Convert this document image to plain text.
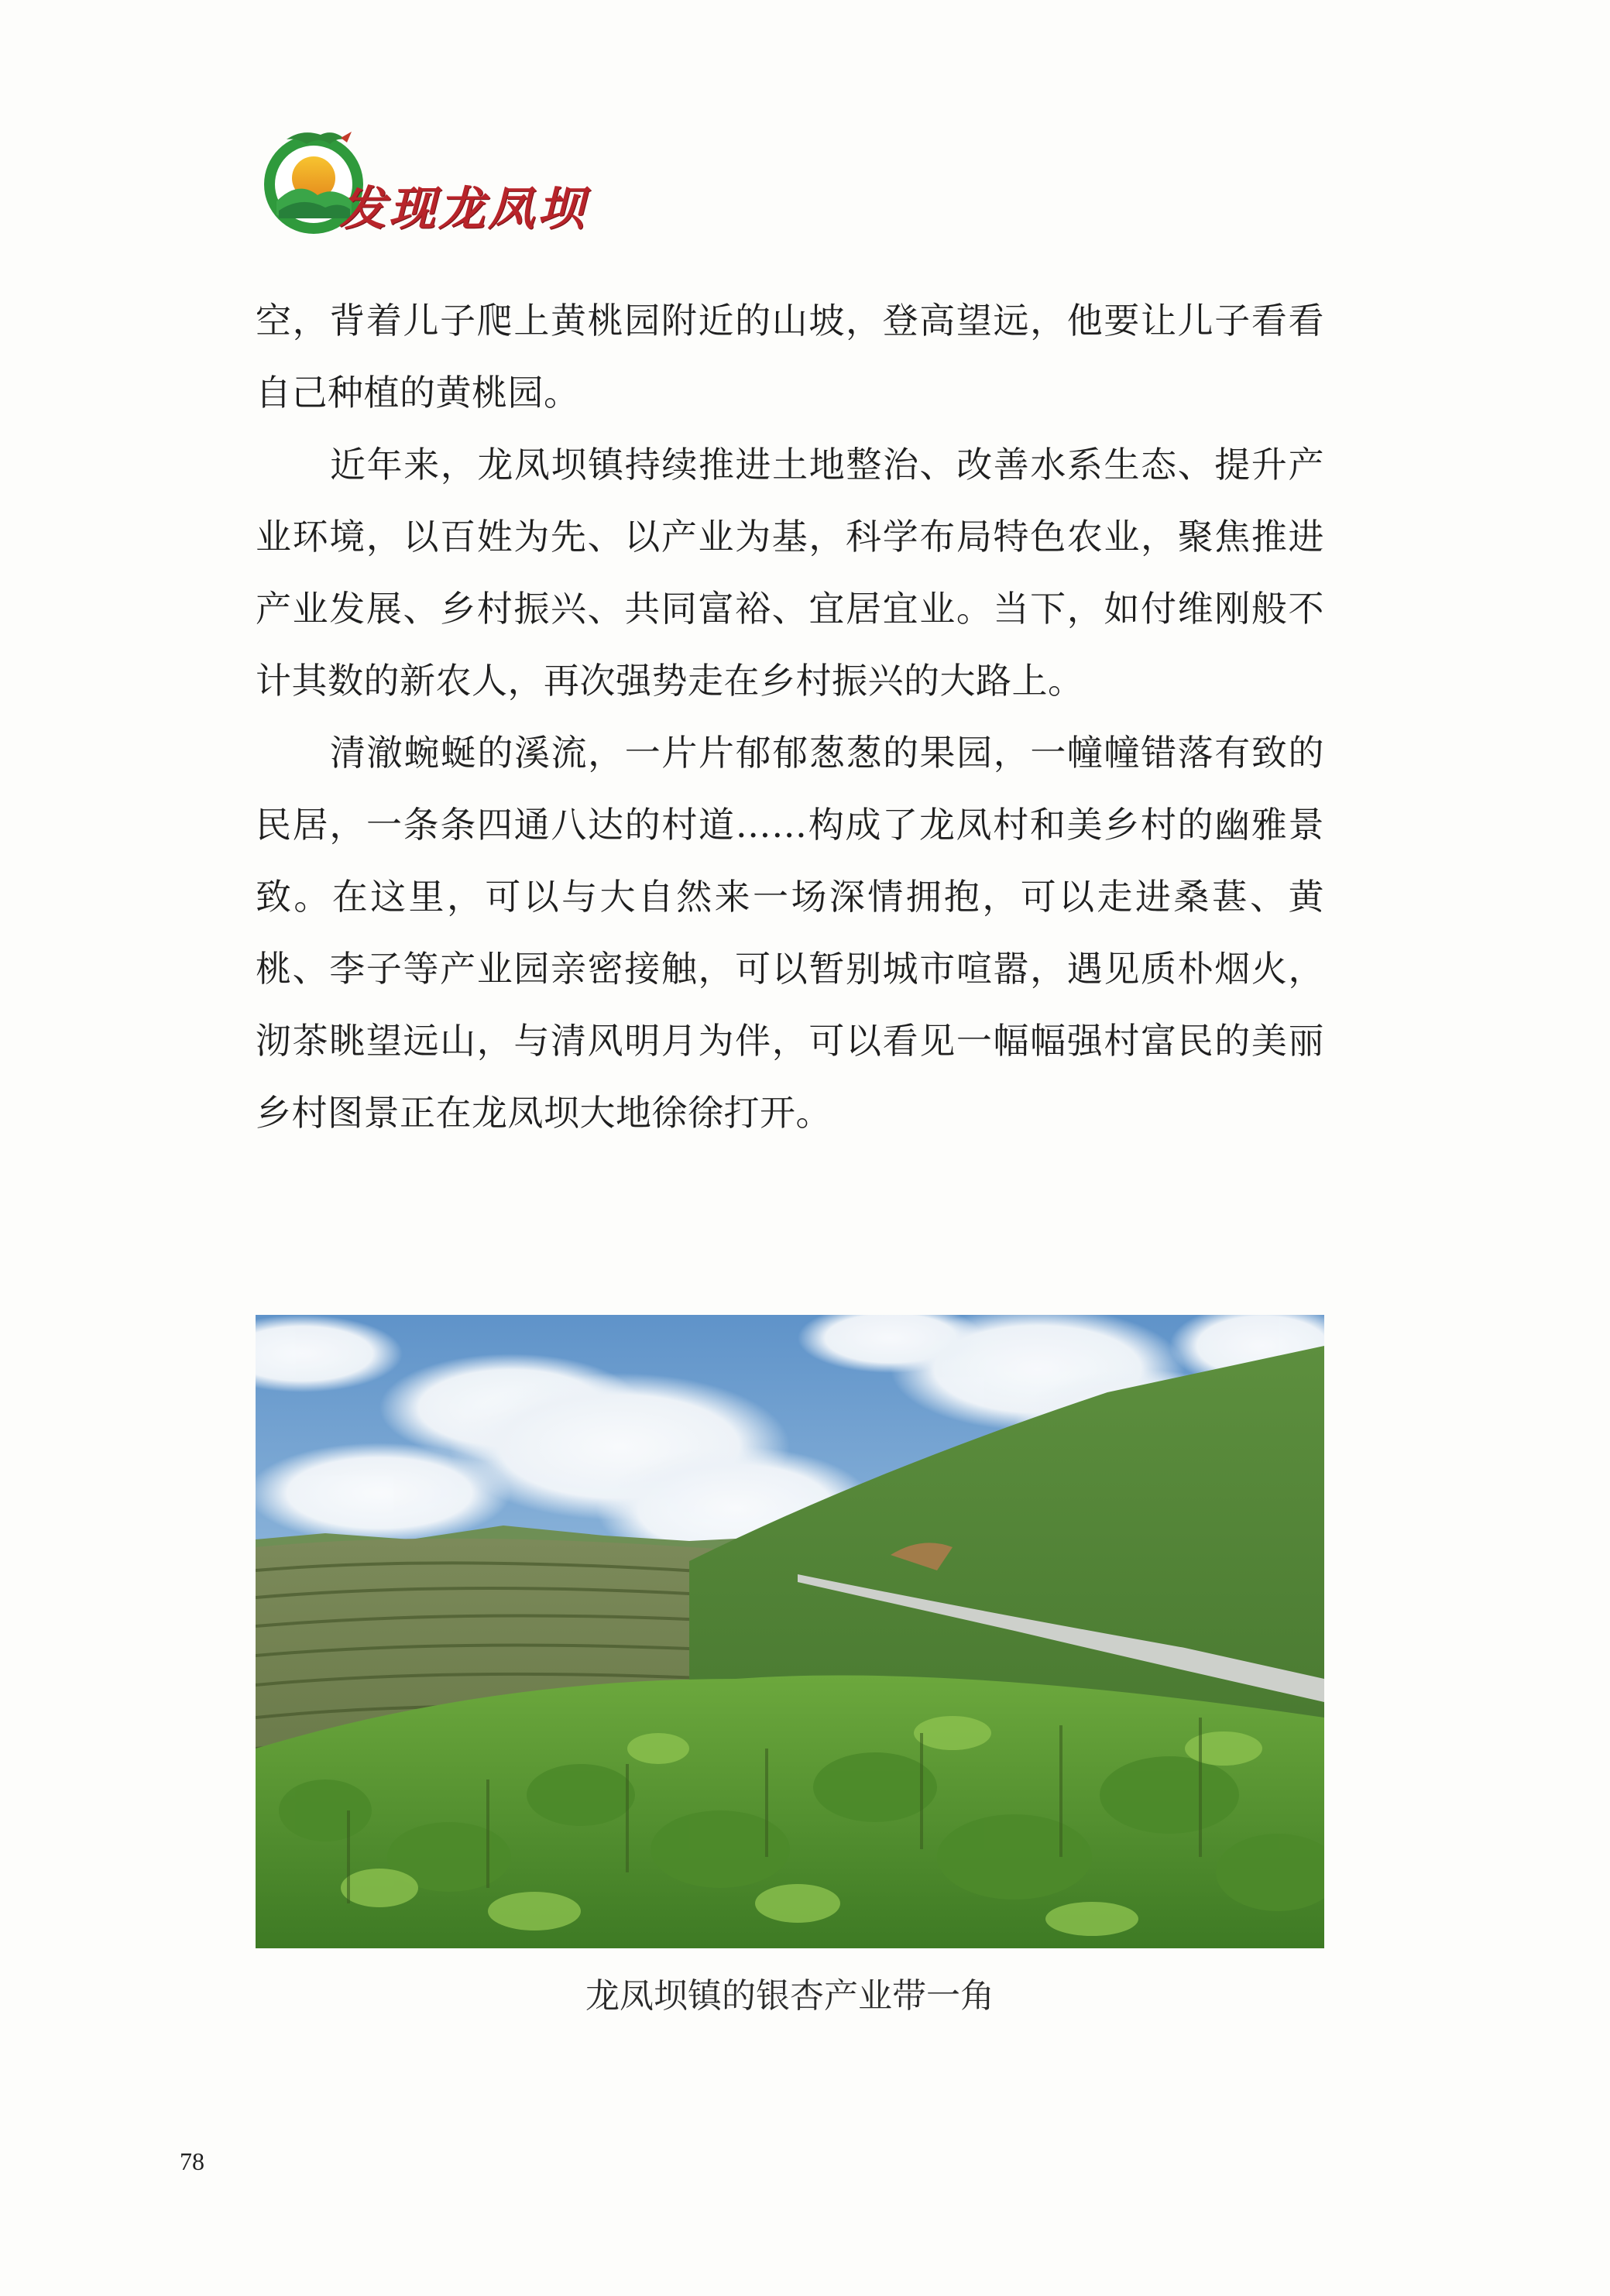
发现龙凤坝

空，背着儿子爬上黄桃园附近的山坡，登高望远，他要让儿子看看自己种植的黄桃园。

近年来，龙凤坝镇持续推进土地整治、改善水系生态、提升产业环境，以百姓为先、以产业为基，科学布局特色农业，聚焦推进产业发展、乡村振兴、共同富裕、宜居宜业。当下，如付维刚般不计其数的新农人，再次强势走在乡村振兴的大路上。

清澈蜿蜒的溪流，一片片郁郁葱葱的果园，一幢幢错落有致的民居，一条条四通八达的村道……构成了龙凤村和美乡村的幽雅景致。在这里，可以与大自然来一场深情拥抱，可以走进桑葚、黄桃、李子等产业园亲密接触，可以暂别城市喧嚣，遇见质朴烟火，沏茶眺望远山，与清风明月为伴，可以看见一幅幅强村富民的美丽乡村图景正在龙凤坝大地徐徐打开。

龙凤坝镇的银杏产业带一角
78
